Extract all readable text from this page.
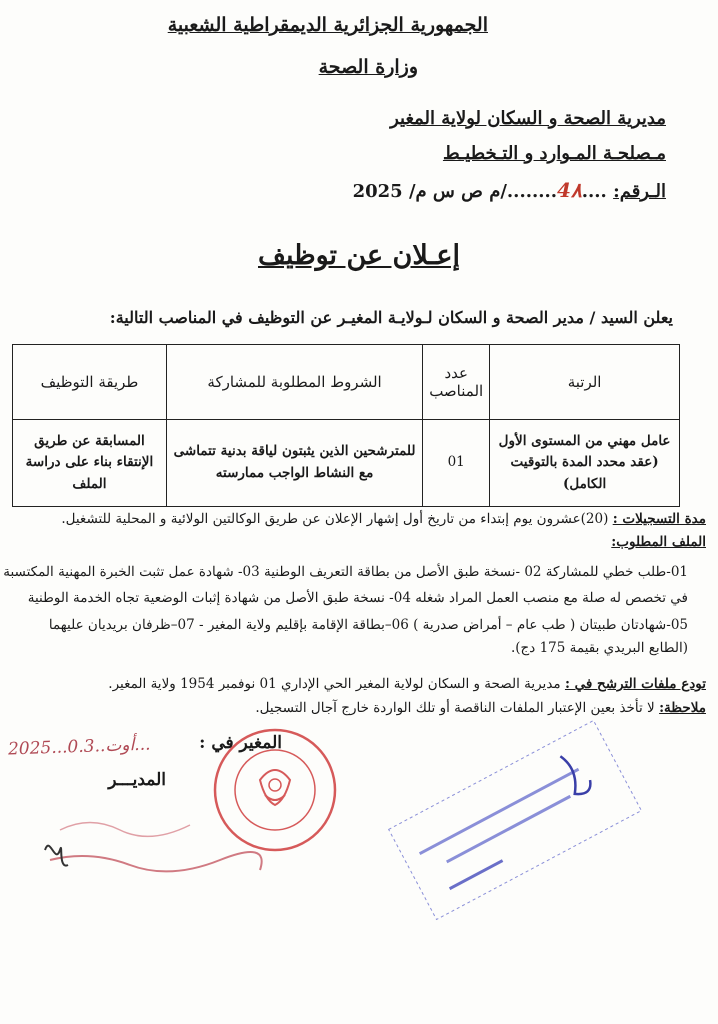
الجمهورية الجزائرية الديمقراطية الشعبية
وزارة الصحة
مديرية الصحة و السكان لولاية المغير
مـصلحـة المـوارد و التـخطيـط
الـرقم: ....4٨......../م ص س م/ 2025
إعـلان عن توظيف
يعلن السيد / مدير الصحة و السكان لـولايـة المغيـر عن التوظيف في المناصب التالية:
الرتبة	عدد المناصب	الشروط المطلوبة للمشاركة	طريقة التوظيف
عامل مهني من المستوى الأول (عقد محدد المدة بالتوقيت الكامل)	01	للمترشحين الذين يثبتون لياقة بدنية تتماشى مع النشاط الواجب ممارسته	المسابقة عن طريق الإنتقاء بناء على دراسة الملف
مدة التسجيلات : (20)عشرون يوم إبتداء من تاريخ أول إشهار الإعلان عن طريق الوكالتين الولائية و المحلية للتشغيل.
الملف المطلوب:
01-طلب خطي للمشاركة 02 -نسخة طبق الأصل من بطاقة التعريف الوطنية 03- شهادة عمل تثبت الخبرة المهنية المكتسبة
في تخصص له صلة مع منصب العمل المراد شغله 04- نسخة طبق الأصل من شهادة إثبات الوضعية تجاه الخدمة الوطنية
05-شهادتان طبيتان ( طب عام – أمراض صدرية ) 06–بطاقة الإقامة بإقليم ولاية المغير - 07–ظرفان بريديان عليهما
(الطابع البريدي بقيمة 175 دج).
تودع ملفات الترشح في : مديرية الصحة و السكان لولاية المغير الحي الإداري 01 نوفمبر 1954 ولاية المغير.
ملاحظة: لا تأخذ بعين الإعتبار الملفات الناقصة أو تلك الواردة خارج آجال التسجيل.
المغير في :
2025...أوت..0.3...
المديـــر
